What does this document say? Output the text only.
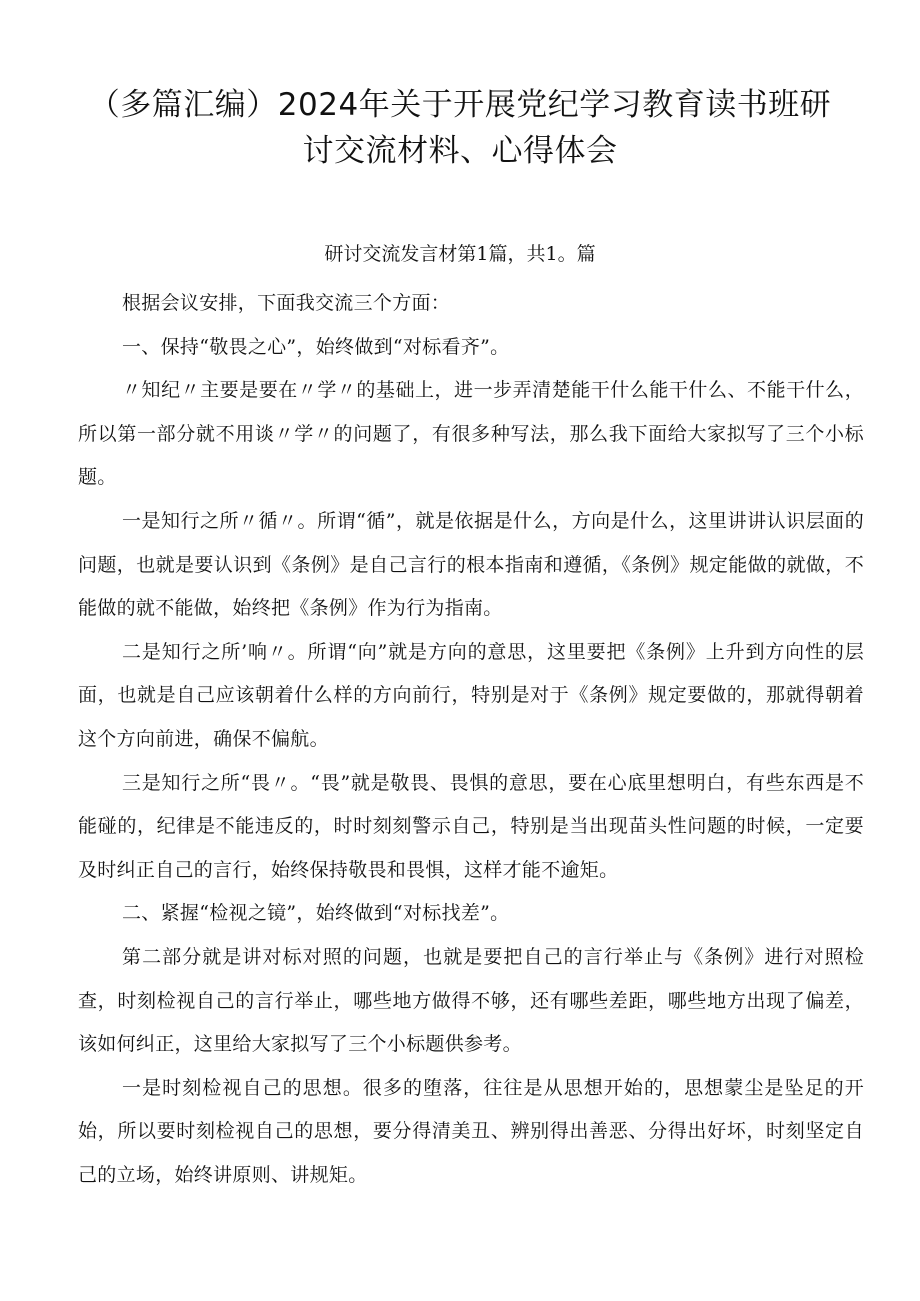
（多篇汇编）2024年关于开展党纪学习教育读书班研
讨交流材料、心得体会

研讨交流发言材第1篇，共1。篇

根据会议安排，下面我交流三个方面：

一、保持“敬畏之心”，始终做到“对标看齐”。

〃知纪〃主要是要在〃学〃的基础上，进一步弄清楚能干什么能干什么、不能干什么，所以第一部分就不用谈〃学〃的问题了，有很多种写法，那么我下面给大家拟写了三个小标题。

一是知行之所〃循〃。所谓“循”，就是依据是什么，方向是什么，这里讲讲认识层面的问题，也就是要认识到《条例》是自己言行的根本指南和遵循，《条例》规定能做的就做，不能做的就不能做，始终把《条例》作为行为指南。

二是知行之所’响〃。所谓“向”就是方向的意思，这里要把《条例》上升到方向性的层面，也就是自己应该朝着什么样的方向前行，特别是对于《条例》规定要做的，那就得朝着这个方向前进，确保不偏航。

三是知行之所“畏〃。“畏”就是敬畏、畏惧的意思，要在心底里想明白，有些东西是不能碰的，纪律是不能违反的，时时刻刻警示自己，特别是当出现苗头性问题的时候，一定要及时纠正自己的言行，始终保持敬畏和畏惧，这样才能不逾矩。

二、紧握“检视之镜”，始终做到“对标找差”。

第二部分就是讲对标对照的问题，也就是要把自己的言行举止与《条例》进行对照检查，时刻检视自己的言行举止，哪些地方做得不够，还有哪些差距，哪些地方出现了偏差，该如何纠正，这里给大家拟写了三个小标题供参考。

一是时刻检视自己的思想。很多的堕落，往往是从思想开始的，思想蒙尘是坠足的开始，所以要时刻检视自己的思想，要分得清美丑、辨别得出善恶、分得出好坏，时刻坚定自己的立场，始终讲原则、讲规矩。
